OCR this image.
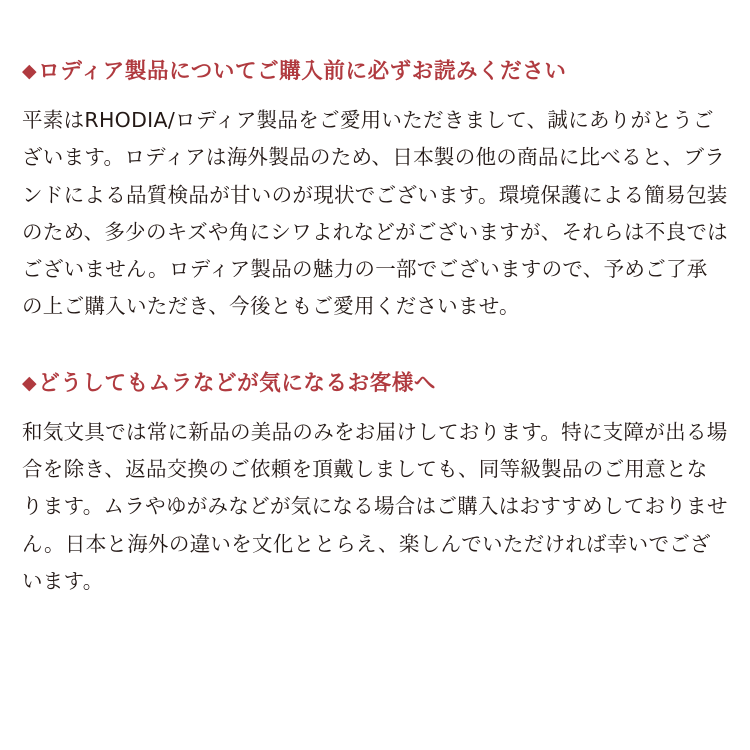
◆ロディア製品についてご購入前に必ずお読みください

平素はRHODIA/ロディア製品をご愛用いただきまして、誠にありがとうございます。ロディアは海外製品のため、日本製の他の商品に比べると、ブランドによる品質検品が甘いのが現状でございます。環境保護による簡易包装のため、多少のキズや角にシワよれなどがございますが、それらは不良ではございません。ロディア製品の魅力の一部でございますので、予めご了承の上ご購入いただき、今後ともご愛用くださいませ。

◆どうしてもムラなどが気になるお客様へ

和気文具では常に新品の美品のみをお届けしております。特に支障が出る場合を除き、返品交換のご依頼を頂戴しましても、同等級製品のご用意となります。ムラやゆがみなどが気になる場合はご購入はおすすめしておりません。日本と海外の違いを文化ととらえ、楽しんでいただければ幸いでございます。
